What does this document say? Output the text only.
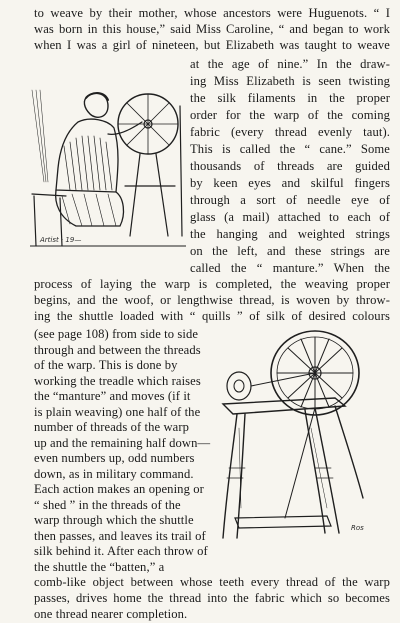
to weave by their mother, whose ancestors were Huguenots. “ I
was born in this house,” said Miss Caroline, “ and began to work
when I was a girl of nineteen, but Elizabeth was taught to weave
at the age of nine.” In the draw-
ing Miss Elizabeth is seen twisting
the silk filaments in the proper
order for the warp of the coming
fabric (every thread evenly taut).
This is called the “ cane.” Some
thousands of threads are guided
by keen eyes and skilful fingers
through a sort of needle eye of
glass (a mail) attached to each of
the hanging and weighted strings
on the left, and these strings are
called the “ manture.” When the
process of laying the warp is completed, the weaving proper
begins, and the woof, or lengthwise thread, is woven by throw-
ing the shuttle loaded with “ quills ” of silk of desired colours
(see page 108) from side to side
through and between the threads
of the warp. This is done by
working the treadle which raises
the “manture” and moves (if it
is plain weaving) one half of the
number of threads of the warp
up and the remaining half down—
even numbers up, odd numbers
down, as in military command.
Each action makes an opening or
“ shed ” in the threads of the
warp through which the shuttle
then passes, and leaves its trail of
silk behind it. After each throw of
the shuttle the “batten,” a
comb-like object between whose teeth every thread of the warp
passes, drives home the thread into the fabric which so becomes
one thread nearer completion.
Artist · 19—
Ros
